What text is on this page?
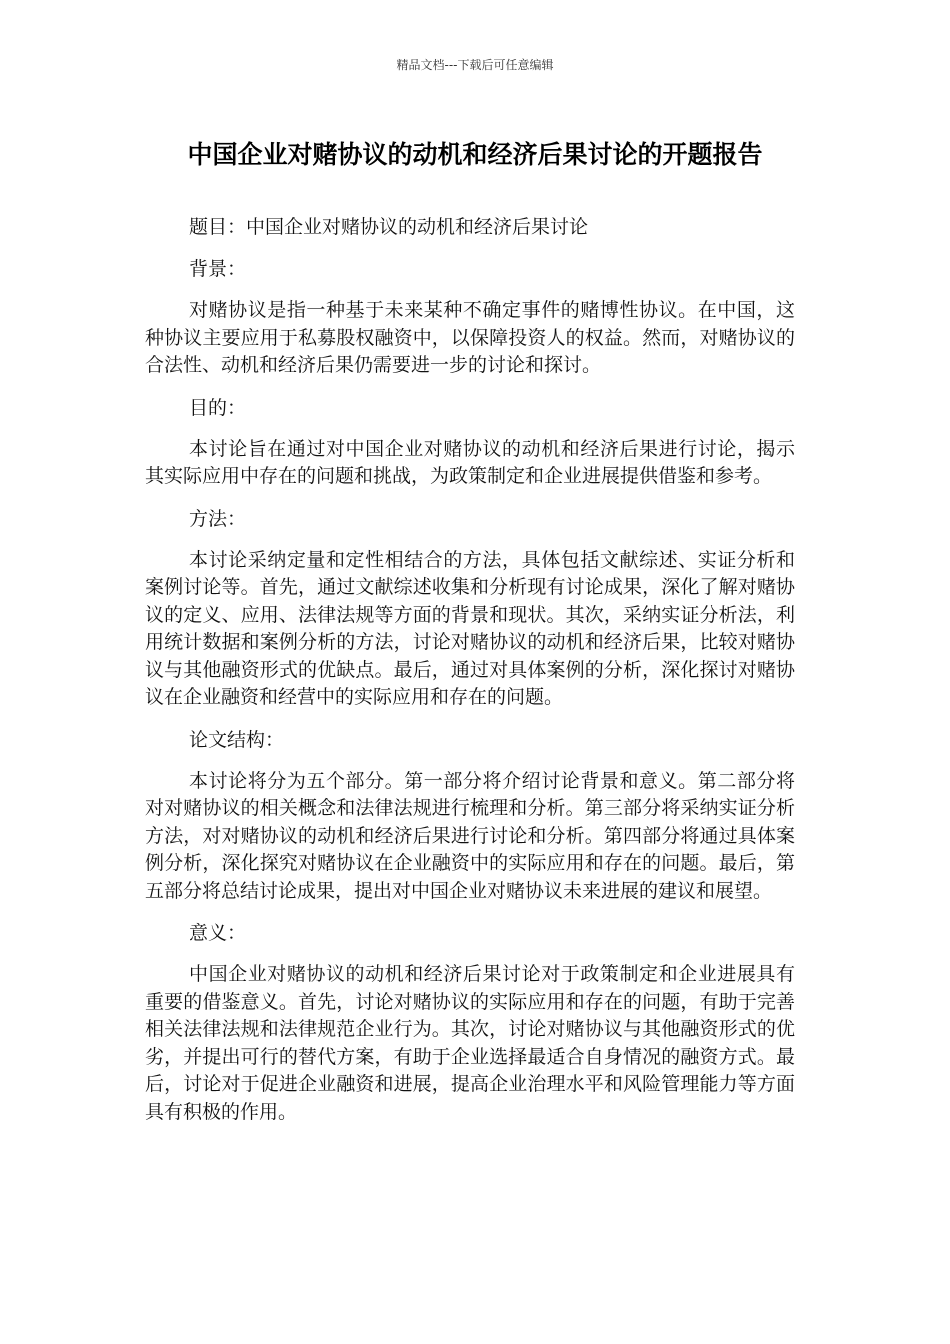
精品文档---下载后可任意编辑
中国企业对赌协议的动机和经济后果讨论的开题报告

题目：中国企业对赌协议的动机和经济后果讨论

背景：

对赌协议是指一种基于未来某种不确定事件的赌博性协议。在中国，这种协议主要应用于私募股权融资中，以保障投资人的权益。然而，对赌协议的合法性、动机和经济后果仍需要进一步的讨论和探讨。

目的：

本讨论旨在通过对中国企业对赌协议的动机和经济后果进行讨论，揭示其实际应用中存在的问题和挑战，为政策制定和企业进展提供借鉴和参考。

方法：

本讨论采纳定量和定性相结合的方法，具体包括文献综述、实证分析和案例讨论等。首先，通过文献综述收集和分析现有讨论成果，深化了解对赌协议的定义、应用、法律法规等方面的背景和现状。其次，采纳实证分析法，利用统计数据和案例分析的方法，讨论对赌协议的动机和经济后果，比较对赌协议与其他融资形式的优缺点。最后，通过对具体案例的分析，深化探讨对赌协议在企业融资和经营中的实际应用和存在的问题。

论文结构：

本讨论将分为五个部分。第一部分将介绍讨论背景和意义。第二部分将对对赌协议的相关概念和法律法规进行梳理和分析。第三部分将采纳实证分析方法，对对赌协议的动机和经济后果进行讨论和分析。第四部分将通过具体案例分析，深化探究对赌协议在企业融资中的实际应用和存在的问题。最后，第五部分将总结讨论成果，提出对中国企业对赌协议未来进展的建议和展望。

意义：

中国企业对赌协议的动机和经济后果讨论对于政策制定和企业进展具有重要的借鉴意义。首先，讨论对赌协议的实际应用和存在的问题，有助于完善相关法律法规和法律规范企业行为。其次，讨论对赌协议与其他融资形式的优劣，并提出可行的替代方案，有助于企业选择最适合自身情况的融资方式。最后，讨论对于促进企业融资和进展，提高企业治理水平和风险管理能力等方面具有积极的作用。
